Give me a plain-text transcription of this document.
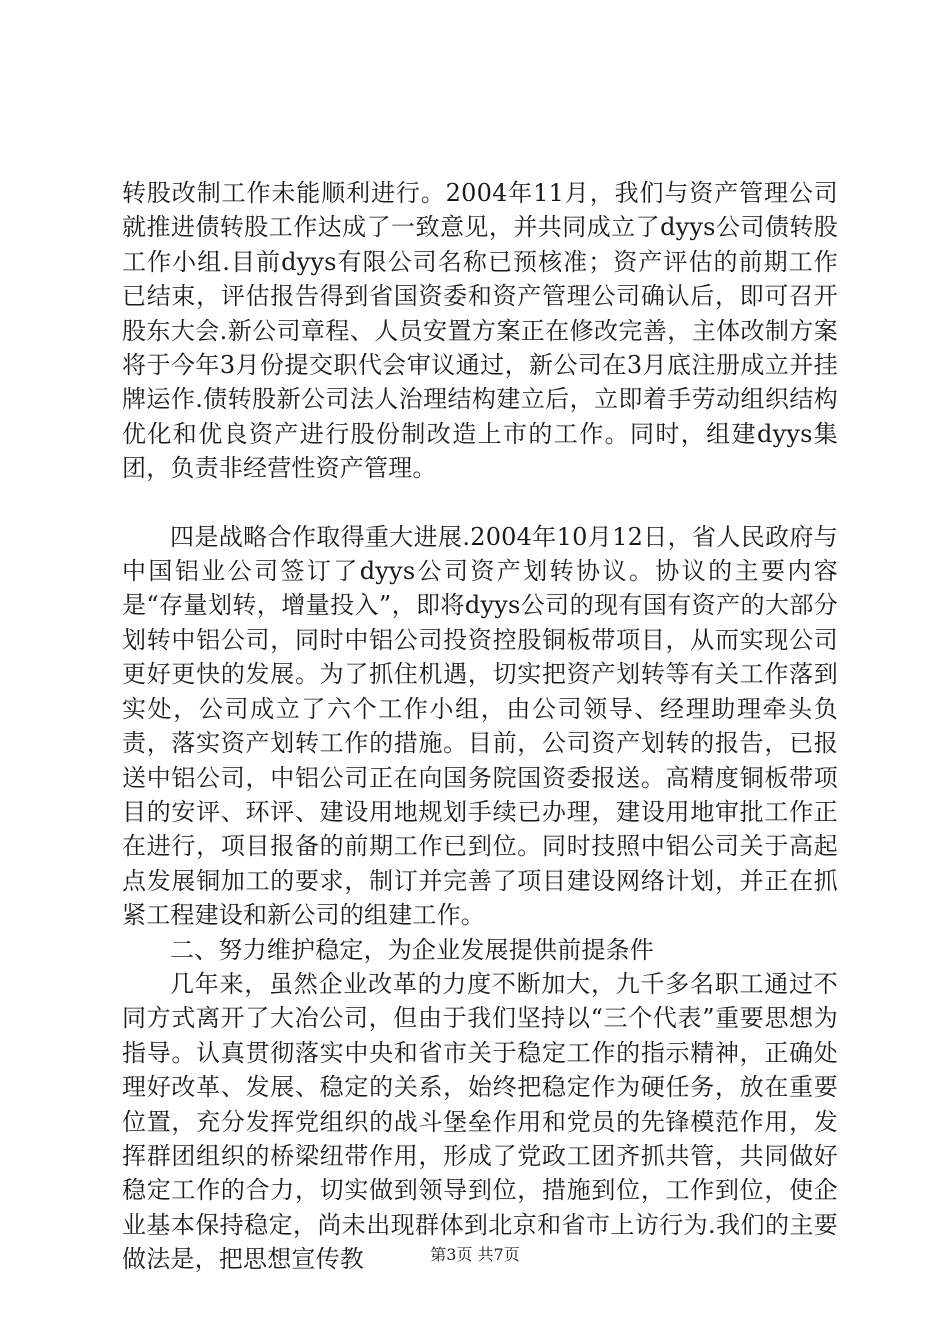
转股改制工作未能顺利进行。2004年11月，我们与资产管理公司就推进债转股工作达成了一致意见，并共同成立了dyys公司债转股工作小组.目前dyys有限公司名称已预核准；资产评估的前期工作已结束，评估报告得到省国资委和资产管理公司确认后，即可召开股东大会.新公司章程、人员安置方案正在修改完善，主体改制方案将于今年3月份提交职代会审议通过，新公司在3月底注册成立并挂牌运作.债转股新公司法人治理结构建立后，立即着手劳动组织结构优化和优良资产进行股份制改造上市的工作。同时，组建dyys集团，负责非经营性资产管理。

四是战略合作取得重大进展.2004年10月12日，省人民政府与中国铝业公司签订了dyys公司资产划转协议。协议的主要内容是“存量划转，增量投入”，即将dyys公司的现有国有资产的大部分划转中铝公司，同时中铝公司投资控股铜板带项目，从而实现公司更好更快的发展。为了抓住机遇，切实把资产划转等有关工作落到实处，公司成立了六个工作小组，由公司领导、经理助理牵头负责，落实资产划转工作的措施。目前，公司资产划转的报告，已报送中铝公司，中铝公司正在向国务院国资委报送。高精度铜板带项目的安评、环评、建设用地规划手续已办理，建设用地审批工作正在进行，项目报备的前期工作已到位。同时技照中铝公司关于高起点发展铜加工的要求，制订并完善了项目建设网络计划，并正在抓紧工程建设和新公司的组建工作。

二、努力维护稳定，为企业发展提供前提条件

几年来，虽然企业改革的力度不断加大，九千多名职工通过不同方式离开了大冶公司，但由于我们坚持以“三个代表”重要思想为指导。认真贯彻落实中央和省市关于稳定工作的指示精神，正确处理好改革、发展、稳定的关系，始终把稳定作为硬任务，放在重要位置，充分发挥党组织的战斗堡垒作用和党员的先锋模范作用，发挥群团组织的桥梁纽带作用，形成了党政工团齐抓共管，共同做好稳定工作的合力，切实做到领导到位，措施到位，工作到位，使企业基本保持稳定，尚未出现群体到北京和省市上访行为.我们的主要做法是，把思想宣传教	第3页 共7页
